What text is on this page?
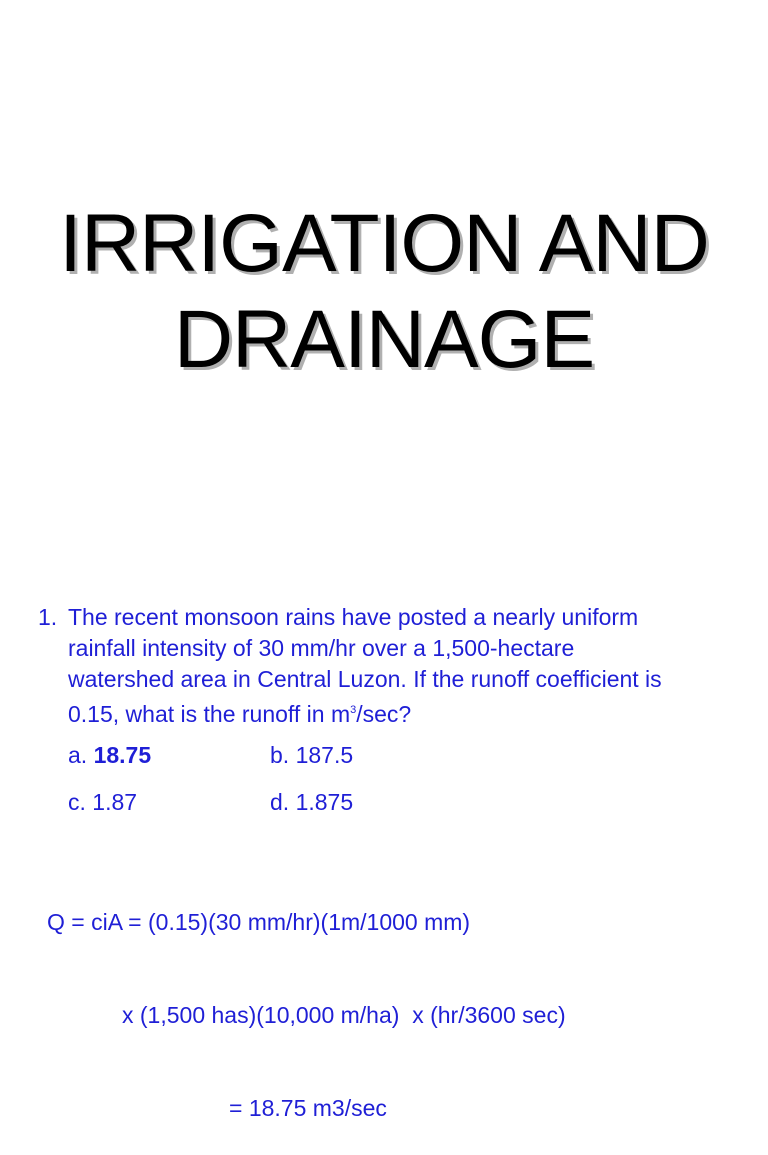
IRRIGATION AND
DRAINAGE
1. The recent monsoon rains have posted a nearly uniform
rainfall intensity of 30 mm/hr over a 1,500-hectare
watershed area in Central Luzon. If the runoff coefficient is
0.15, what is the runoff in $m^3/\sec$?
a. 18.75	b. 187.5
c. 1.87	d. 1.875

Q = ciA = (0.15)(30 mm/hr)(1m/1000 mm)

x (1,500 has)(10,000 m/ha)  x (hr/3600 sec)

= 18.75 m3/sec
